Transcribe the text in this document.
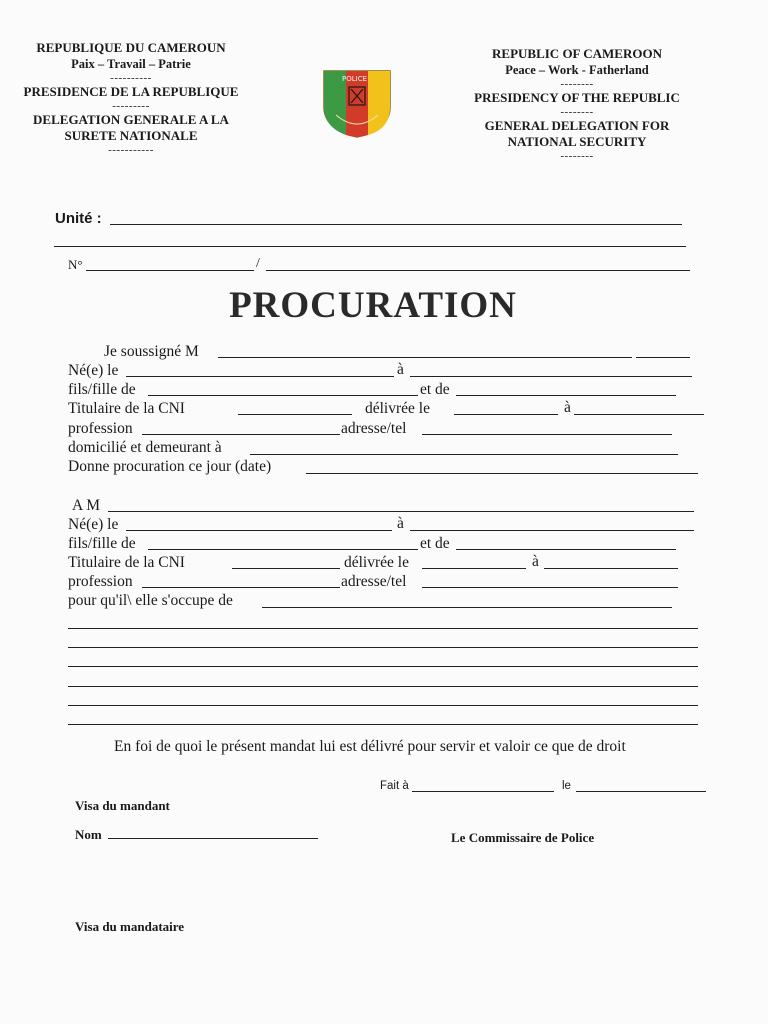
REPUBLIQUE DU CAMEROUN
Paix – Travail – Patrie
----------
PRESIDENCE DE LA REPUBLIQUE
---------
DELEGATION GENERALE A LA
SURETE NATIONALE
-----------
POLICE
REPUBLIC OF CAMEROON
Peace – Work - Fatherland
--------
PRESIDENCY OF THE REPUBLIC
--------
GENERAL DELEGATION FOR
NATIONAL SECURITY
--------
Unité :
N°	/
PROCURATION
Je soussigné M
Né(e) le	à
fils/fille de	et de
Titulaire de la CNI	délivrée le	à
profession	adresse/tel
domicilié et demeurant à
Donne procuration ce jour (date)
A M
Né(e) le	à
fils/fille de	et de
Titulaire de la CNI	délivrée le	à
profession	adresse/tel
pour qu'il\ elle s'occupe de
En foi de quoi le présent mandat lui est délivré pour servir et valoir ce que de droit
Fait à	le
Visa du mandant
Nom	Le Commissaire de Police
Visa du mandataire
